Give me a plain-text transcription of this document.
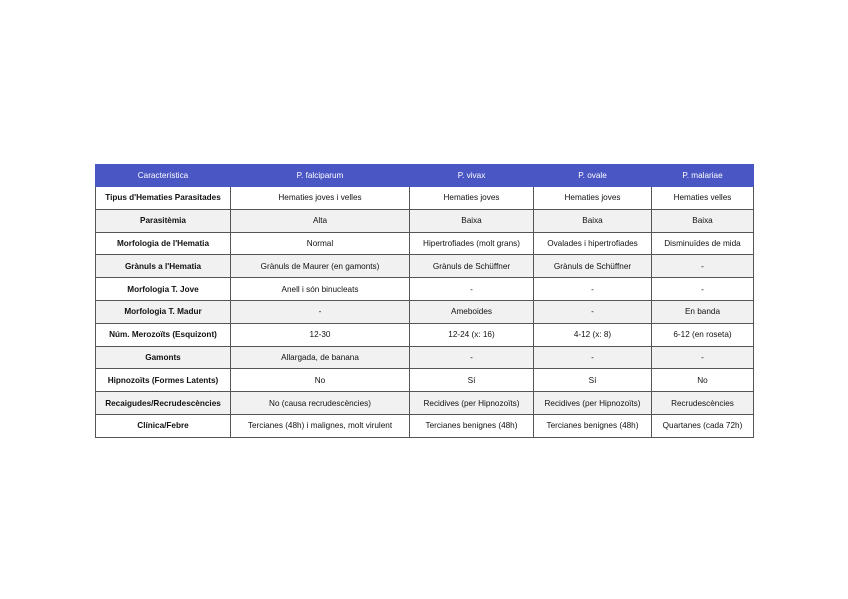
Característica	P. falciparum	P. vivax	P. ovale	P. malariae
Tipus d'Hematies Parasitades	Hematies joves i velles	Hematies joves	Hematies joves	Hematies velles
Parasitèmia	Alta	Baixa	Baixa	Baixa
Morfologia de l'Hematia	Normal	Hipertrofiades (molt grans)	Ovalades i hipertrofiades	Disminuïdes de mida
Grànuls a l'Hematia	Grànuls de Maurer (en gamonts)	Grànuls de Schüffner	Grànuls de Schüffner	-
Morfologia T. Jove	Anell i són binucleats	-	-	-
Morfologia T. Madur	-	Ameboides	-	En banda
Núm. Merozoïts (Esquizont)	12-30	12-24 (x: 16)	4-12 (x: 8)	6-12 (en roseta)
Gamonts	Allargada, de banana	-	-	-
Hipnozoïts (Formes Latents)	No	Sí	Sí	No
Recaigudes/Recrudescències	No (causa recrudescències)	Recidives (per Hipnozoïts)	Recidives (per Hipnozoïts)	Recrudescències
Clínica/Febre	Tercianes (48h) i malignes, molt virulent	Tercianes benignes (48h)	Tercianes benignes (48h)	Quartanes (cada 72h)
